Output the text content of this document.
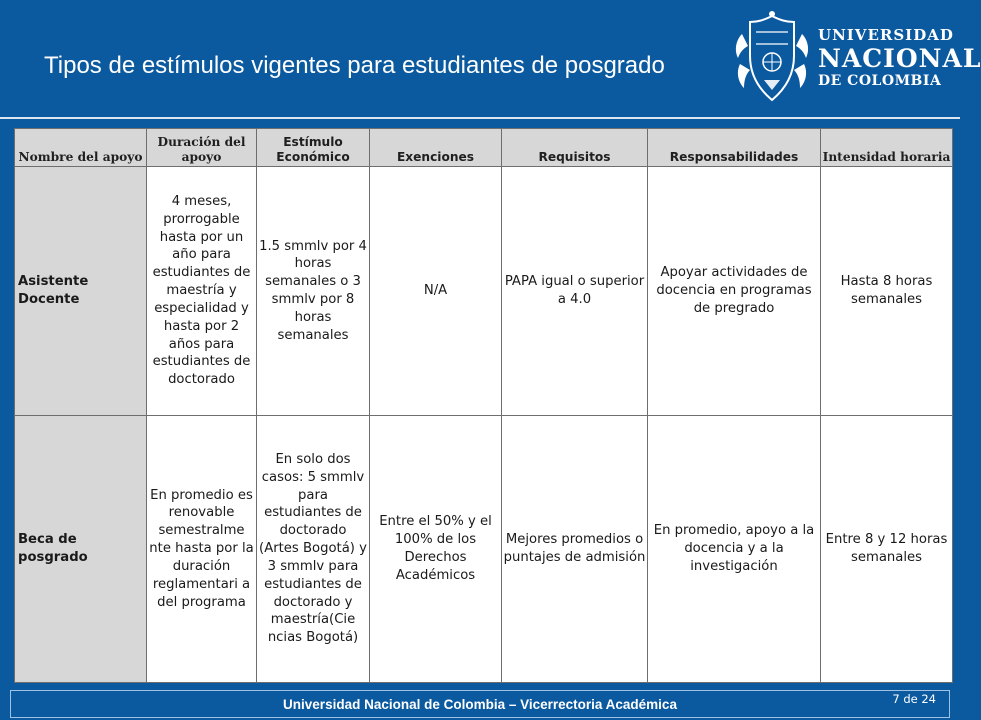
Tipos de estímulos vigentes para estudiantes de posgrado
UNIVERSIDAD
NACIONAL
DE COLOMBIA
Nombre del apoyo	Duración del apoyo	Estímulo Económico	Exenciones	Requisitos	Responsabilidades	Intensidad horaria
Asistente Docente	4 meses, prorrogable hasta por un año para estudiantes de maestría y especialidad y hasta por 2 años para estudiantes de doctorado	1.5 smmlv por 4 horas semanales o 3 smmlv por 8 horas semanales	N/A	PAPA igual o superior a 4.0	Apoyar actividades de docencia en programas de pregrado	Hasta 8 horas semanales
Beca de posgrado	En promedio es renovable semestralme nte hasta por la duración reglamentari a del programa	En solo dos casos: 5 smmlv para estudiantes de doctorado (Artes Bogotá) y 3 smmlv para estudiantes de doctorado y maestría(Cie ncias Bogotá)	Entre el 50% y el 100% de los Derechos Académicos	Mejores promedios o puntajes de admisión	En promedio, apoyo a la docencia y a la investigación	Entre 8 y 12 horas semanales
Universidad Nacional de Colombia – Vicerrectoria Académica	7 de 24
